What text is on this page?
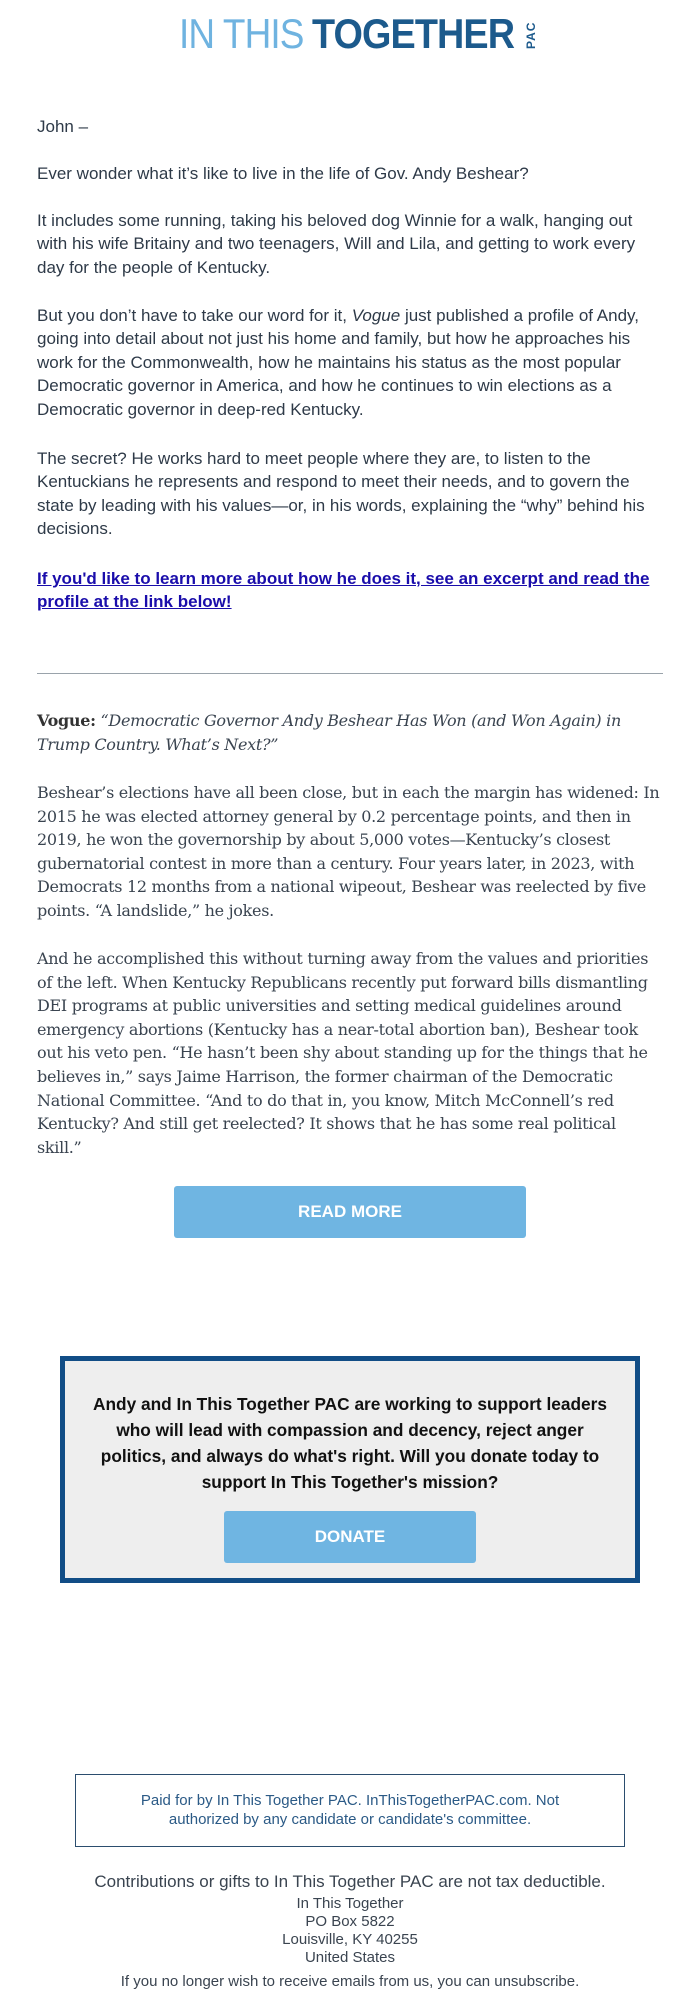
IN THIS TOGETHER PAC
John –
Ever wonder what it’s like to live in the life of Gov. Andy Beshear?
It includes some running, taking his beloved dog Winnie for a walk, hanging out with his wife Britainy and two teenagers, Will and Lila, and getting to work every day for the people of Kentucky.
But you don’t have to take our word for it, Vogue just published a profile of Andy, going into detail about not just his home and family, but how he approaches his work for the Commonwealth, how he maintains his status as the most popular Democratic governor in America, and how he continues to win elections as a Democratic governor in deep-red Kentucky.
The secret? He works hard to meet people where they are, to listen to the Kentuckians he represents and respond to meet their needs, and to govern the state by leading with his values—or, in his words, explaining the “why” behind his decisions.
If you'd like to learn more about how he does it, see an excerpt and read the profile at the link below!
Vogue: “Democratic Governor Andy Beshear Has Won (and Won Again) in Trump Country. What’s Next?”
Beshear’s elections have all been close, but in each the margin has widened: In 2015 he was elected attorney general by 0.2 percentage points, and then in 2019, he won the governorship by about 5,000 votes—Kentucky’s closest gubernatorial contest in more than a century. Four years later, in 2023, with Democrats 12 months from a national wipeout, Beshear was reelected by five points. “A landslide,” he jokes.
And he accomplished this without turning away from the values and priorities of the left. When Kentucky Republicans recently put forward bills dismantling DEI programs at public universities and setting medical guidelines around emergency abortions (Kentucky has a near-total abortion ban), Beshear took out his veto pen. “He hasn’t been shy about standing up for the things that he believes in,” says Jaime Harrison, the former chairman of the Democratic National Committee. “And to do that in, you know, Mitch McConnell’s red Kentucky? And still get reelected? It shows that he has some real political skill.”
READ MORE
Andy and In This Together PAC are working to support leaders who will lead with compassion and decency, reject anger politics, and always do what's right. Will you donate today to support In This Together's mission?
DONATE
Paid for by In This Together PAC. InThisTogetherPAC.com. Not authorized by any candidate or candidate's committee.
Contributions or gifts to In This Together PAC are not tax deductible.
In This Together
PO Box 5822
Louisville, KY 40255
United States
If you no longer wish to receive emails from us, you can unsubscribe.
